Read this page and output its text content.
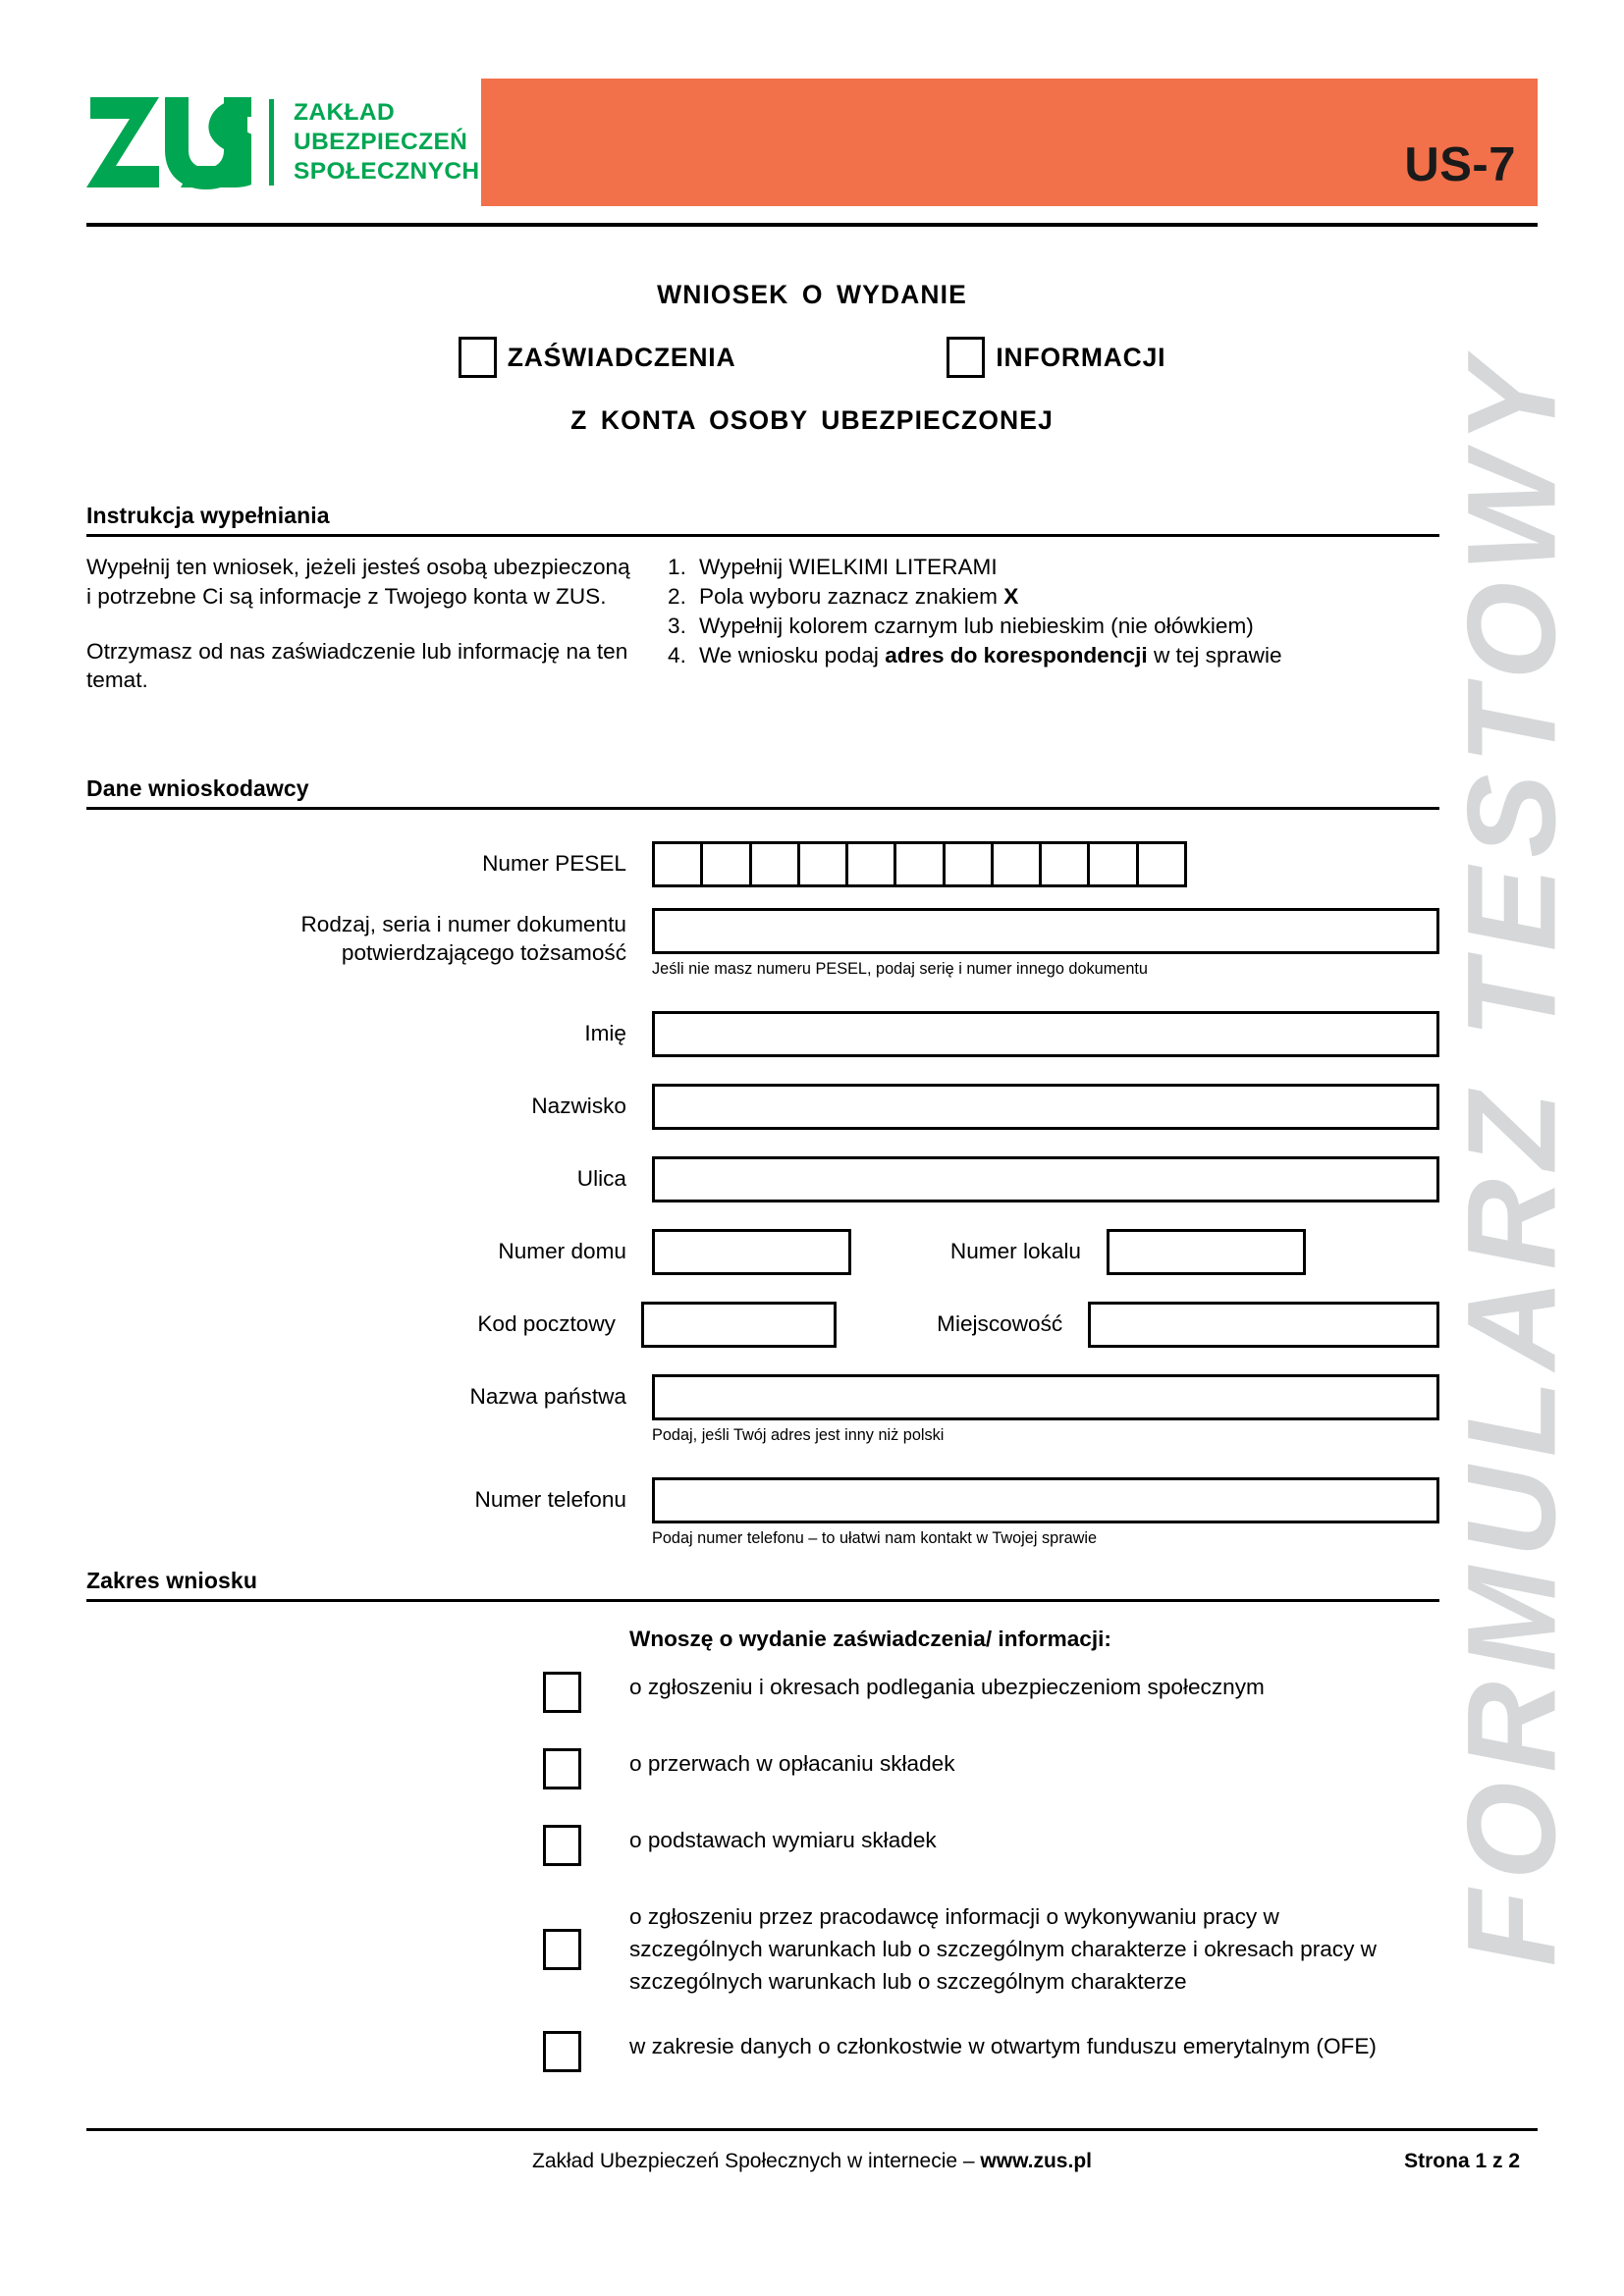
FORMULARZ TESTOWY
US-7
ZAKŁAD
UBEZPIECZEŃ
SPOŁECZNYCH
WNIOSEK O WYDANIE
ZAŚWIADCZENIA	INFORMACJI
Z KONTA OSOBY UBEZPIECZONEJ
Instrukcja wypełniania

Wypełnij ten wniosek, jeżeli jesteś osobą ubezpieczoną i potrzebne Ci są informacje z Twojego konta w ZUS.

Otrzymasz od nas zaświadczenie lub informację na ten temat.

1. Wypełnij WIELKIMI LITERAMI
2. Pola wyboru zaznacz znakiem X
3. Wypełnij kolorem czarnym lub niebieskim (nie ołówkiem)
4. We wniosku podaj adres do korespondencji w tej sprawie
Dane wnioskodawcy
Numer PESEL
Rodzaj, seria i numer dokumentu
potwierdzającego tożsamość
Jeśli nie masz numeru PESEL, podaj serię i numer innego dokumentu
Imię
Nazwisko
Ulica
Numer domu	Numer lokalu
Kod pocztowy	Miejscowość
Nazwa państwa
Podaj, jeśli Twój adres jest inny niż polski
Numer telefonu
Podaj numer telefonu – to ułatwi nam kontakt w Twojej sprawie
Zakres wniosku
Wnoszę o wydanie zaświadczenia/ informacji:
o zgłoszeniu i okresach podlegania ubezpieczeniom społecznym
o przerwach w opłacaniu składek
o podstawach wymiaru składek
o zgłoszeniu przez pracodawcę informacji o wykonywaniu pracy w szczególnych warunkach lub o szczególnym charakterze i okresach pracy w szczególnych warunkach lub o szczególnym charakterze
w zakresie danych o członkostwie w otwartym funduszu emerytalnym (OFE)
Zakład Ubezpieczeń Społecznych w internecie – www.zus.pl	Strona 1 z 2
